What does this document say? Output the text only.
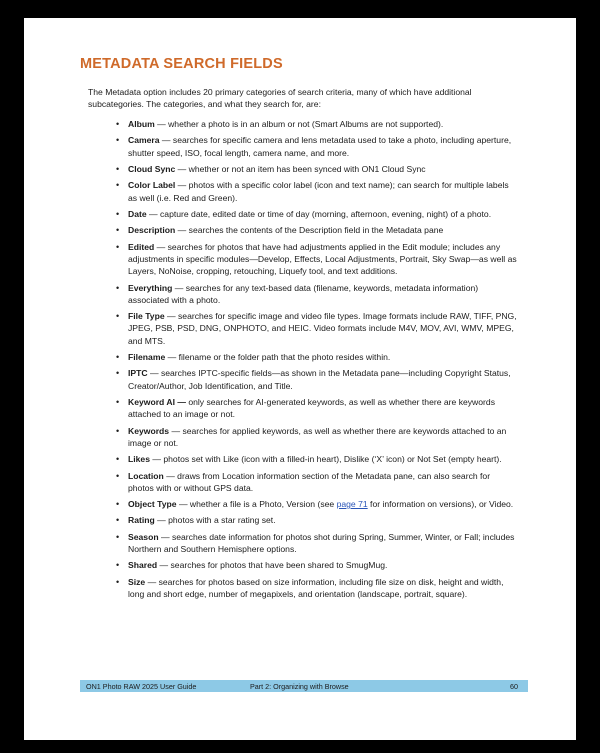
METADATA SEARCH FIELDS

The Metadata option includes 20 primary categories of search criteria, many of which have additional subcategories. The categories, and what they search for, are:

• Album — whether a photo is in an album or not (Smart Albums are not supported).
• Camera — searches for specific camera and lens metadata used to take a photo, including aperture, shutter speed, ISO, focal length, camera name, and more.
• Cloud Sync — whether or not an item has been synced with ON1 Cloud Sync
• Color Label — photos with a specific color label (icon and text name); can search for multiple labels as well (i.e. Red and Green).
• Date — capture date, edited date or time of day (morning, afternoon, evening, night) of a photo.
• Description — searches the contents of the Description field in the Metadata pane
• Edited — searches for photos that have had adjustments applied in the Edit module; includes any adjustments in specific modules—Develop, Effects, Local Adjustments, Portrait, Sky Swap—as well as Layers, NoNoise, cropping, retouching, Liquefy tool, and text additions.
• Everything — searches for any text-based data (filename, keywords, metadata information) associated with a photo.
• File Type — searches for specific image and video file types. Image formats include RAW, TIFF, PNG, JPEG, PSB, PSD, DNG, ONPHOTO, and HEIC. Video formats include M4V, MOV, AVI, WMV, MPEG, and MTS.
• Filename — filename or the folder path that the photo resides within.
• IPTC — searches IPTC-specific fields—as shown in the Metadata pane—including Copyright Status, Creator/Author, Job Identification, and Title.
• Keyword AI — only searches for AI-generated keywords, as well as whether there are keywords attached to an image or not.
• Keywords — searches for applied keywords, as well as whether there are keywords attached to an image or not.
• Likes — photos set with Like (icon with a filled-in heart), Dislike (‘X’ icon) or Not Set (empty heart).
• Location — draws from Location information section of the Metadata pane, can also search for photos with or without GPS data.
• Object Type — whether a file is a Photo, Version (see page 71 for information on versions), or Video.
• Rating — photos with a star rating set.
• Season — searches date information for photos shot during Spring, Summer, Winter, or Fall; includes Northern and Southern Hemisphere options.
• Shared — searches for photos that have been shared to SmugMug.
• Size — searches for photos based on size information, including file size on disk, height and width, long and short edge, number of megapixels, and orientation (landscape, portrait, square).
ON1 Photo RAW 2025 User Guide	Part 2: Organizing with Browse	60
